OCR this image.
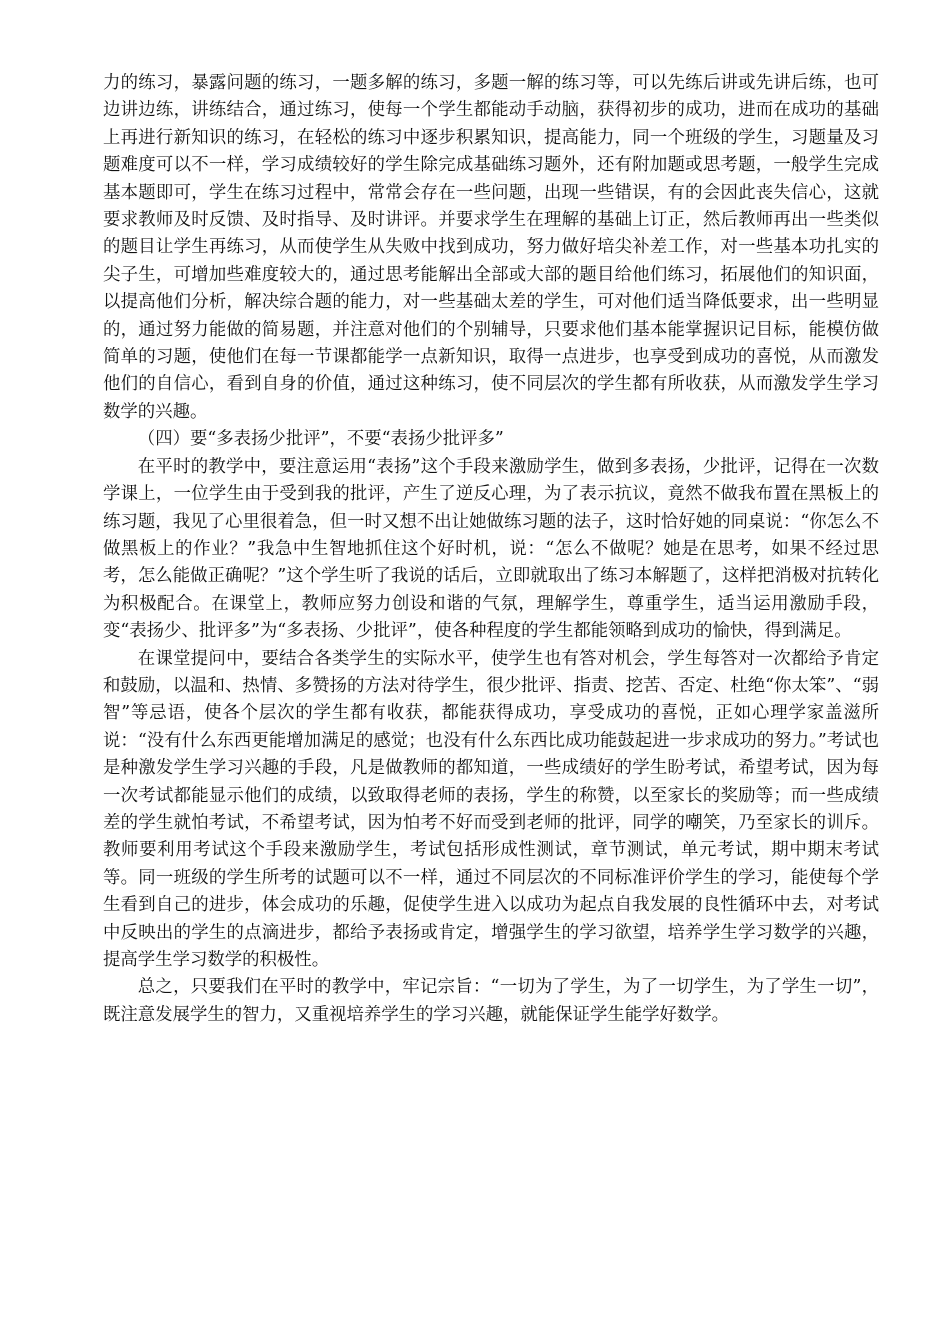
力的练习，暴露问题的练习，一题多解的练习，多题一解的练习等，可以先练后讲或先讲后练，也可边讲边练，讲练结合，通过练习，使每一个学生都能动手动脑，获得初步的成功，进而在成功的基础上再进行新知识的练习，在轻松的练习中逐步积累知识，提高能力，同一个班级的学生，习题量及习题难度可以不一样，学习成绩较好的学生除完成基础练习题外，还有附加题或思考题，一般学生完成基本题即可，学生在练习过程中，常常会存在一些问题，出现一些错误，有的会因此丧失信心，这就要求教师及时反馈、及时指导、及时讲评。并要求学生在理解的基础上订正，然后教师再出一些类似的题目让学生再练习，从而使学生从失败中找到成功，努力做好培尖补差工作，对一些基本功扎实的尖子生，可增加些难度较大的，通过思考能解出全部或大部的题目给他们练习，拓展他们的知识面，以提高他们分析，解决综合题的能力，对一些基础太差的学生，可对他们适当降低要求，出一些明显的，通过努力能做的简易题，并注意对他们的个别辅导，只要求他们基本能掌握识记目标，能模仿做简单的习题，使他们在每一节课都能学一点新知识，取得一点进步，也享受到成功的喜悦，从而激发他们的自信心，看到自身的价值，通过这种练习，使不同层次的学生都有所收获，从而激发学生学习数学的兴趣。

（四）要“多表扬少批评”，不要“表扬少批评多”

在平时的教学中，要注意运用“表扬”这个手段来激励学生，做到多表扬，少批评，记得在一次数学课上，一位学生由于受到我的批评，产生了逆反心理，为了表示抗议，竟然不做我布置在黑板上的练习题，我见了心里很着急，但一时又想不出让她做练习题的法子，这时恰好她的同桌说：“你怎么不做黑板上的作业？”我急中生智地抓住这个好时机，说：“怎么不做呢？她是在思考，如果不经过思考，怎么能做正确呢？”这个学生听了我说的话后，立即就取出了练习本解题了，这样把消极对抗转化为积极配合。在课堂上，教师应努力创设和谐的气氛，理解学生，尊重学生，适当运用激励手段，变“表扬少、批评多”为“多表扬、少批评”，使各种程度的学生都能领略到成功的愉快，得到满足。

在课堂提问中，要结合各类学生的实际水平，使学生也有答对机会，学生每答对一次都给予肯定和鼓励，以温和、热情、多赞扬的方法对待学生，很少批评、指责、挖苦、否定、杜绝“你太笨”、“弱智”等忌语，使各个层次的学生都有收获，都能获得成功，享受成功的喜悦，正如心理学家盖滋所说：“没有什么东西更能增加满足的感觉；也没有什么东西比成功能鼓起进一步求成功的努力。”考试也是种激发学生学习兴趣的手段，凡是做教师的都知道，一些成绩好的学生盼考试，希望考试，因为每一次考试都能显示他们的成绩，以致取得老师的表扬，学生的称赞，以至家长的奖励等；而一些成绩差的学生就怕考试，不希望考试，因为怕考不好而受到老师的批评，同学的嘲笑，乃至家长的训斥。教师要利用考试这个手段来激励学生，考试包括形成性测试，章节测试，单元考试，期中期末考试等。同一班级的学生所考的试题可以不一样，通过不同层次的不同标准评价学生的学习，能使每个学生看到自己的进步，体会成功的乐趣，促使学生进入以成功为起点自我发展的良性循环中去，对考试中反映出的学生的点滴进步，都给予表扬或肯定，增强学生的学习欲望，培养学生学习数学的兴趣，提高学生学习数学的积极性。

总之，只要我们在平时的教学中，牢记宗旨：“一切为了学生，为了一切学生，为了学生一切”，既注意发展学生的智力，又重视培养学生的学习兴趣，就能保证学生能学好数学。
